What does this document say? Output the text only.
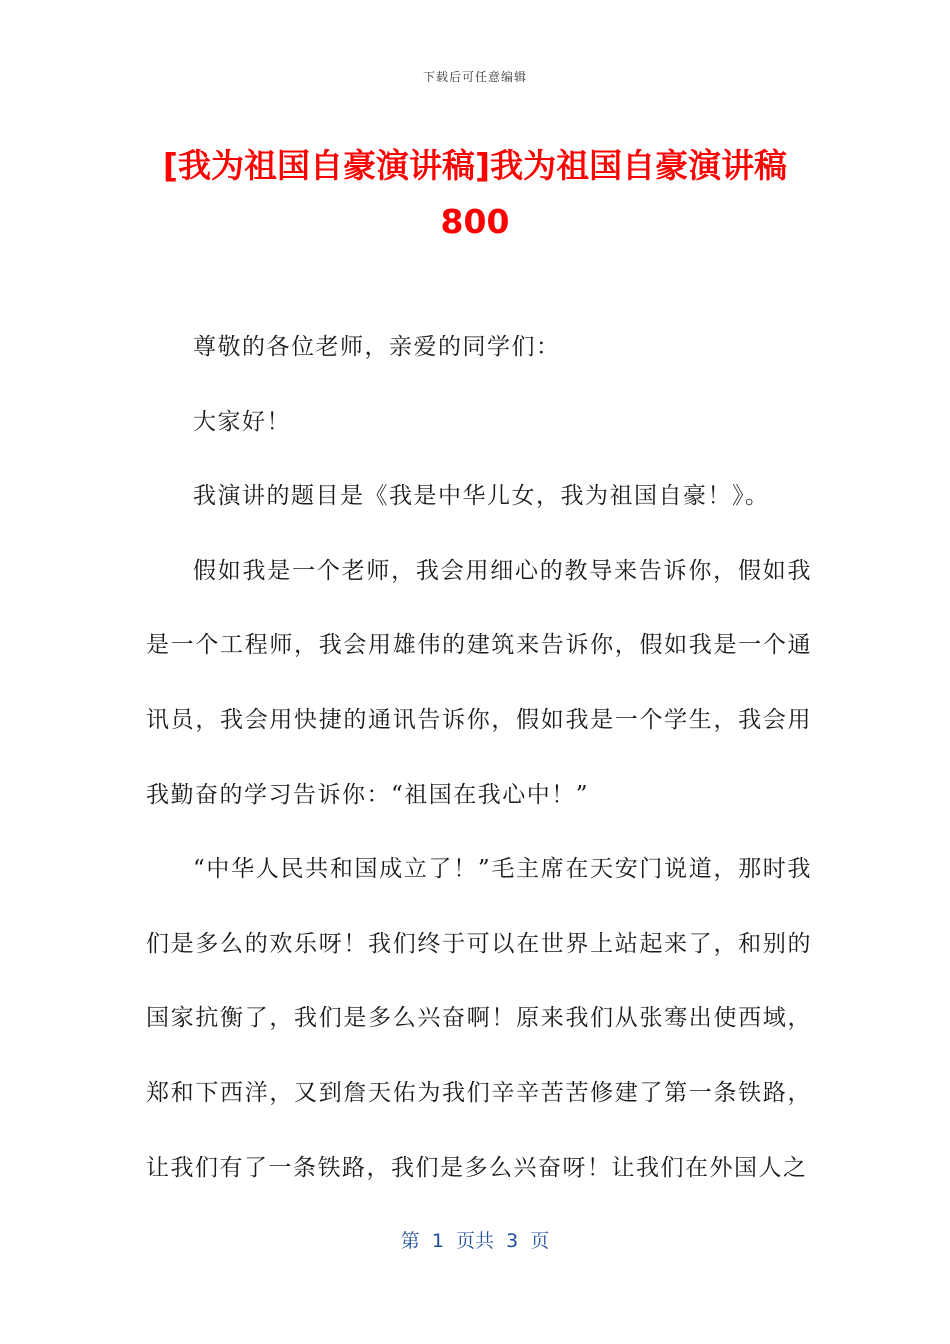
下载后可任意编辑
[我为祖国自豪演讲稿]我为祖国自豪演讲稿800

尊敬的各位老师，亲爱的同学们：

大家好！

我演讲的题目是《我是中华儿女，我为祖国自豪！》。

假如我是一个老师，我会用细心的教导来告诉你，假如我是一个工程师，我会用雄伟的建筑来告诉你，假如我是一个通讯员，我会用快捷的通讯告诉你，假如我是一个学生，我会用我勤奋的学习告诉你：“祖国在我心中！”

“中华人民共和国成立了！”毛主席在天安门说道，那时我们是多么的欢乐呀！我们终于可以在世界上站起来了，和别的国家抗衡了，我们是多么兴奋啊！原来我们从张骞出使西域，郑和下西洋，又到詹天佑为我们辛辛苦苦修建了第一条铁路，让我们有了一条铁路，我们是多么兴奋呀！让我们在外国人之

第  1  页共  3  页
